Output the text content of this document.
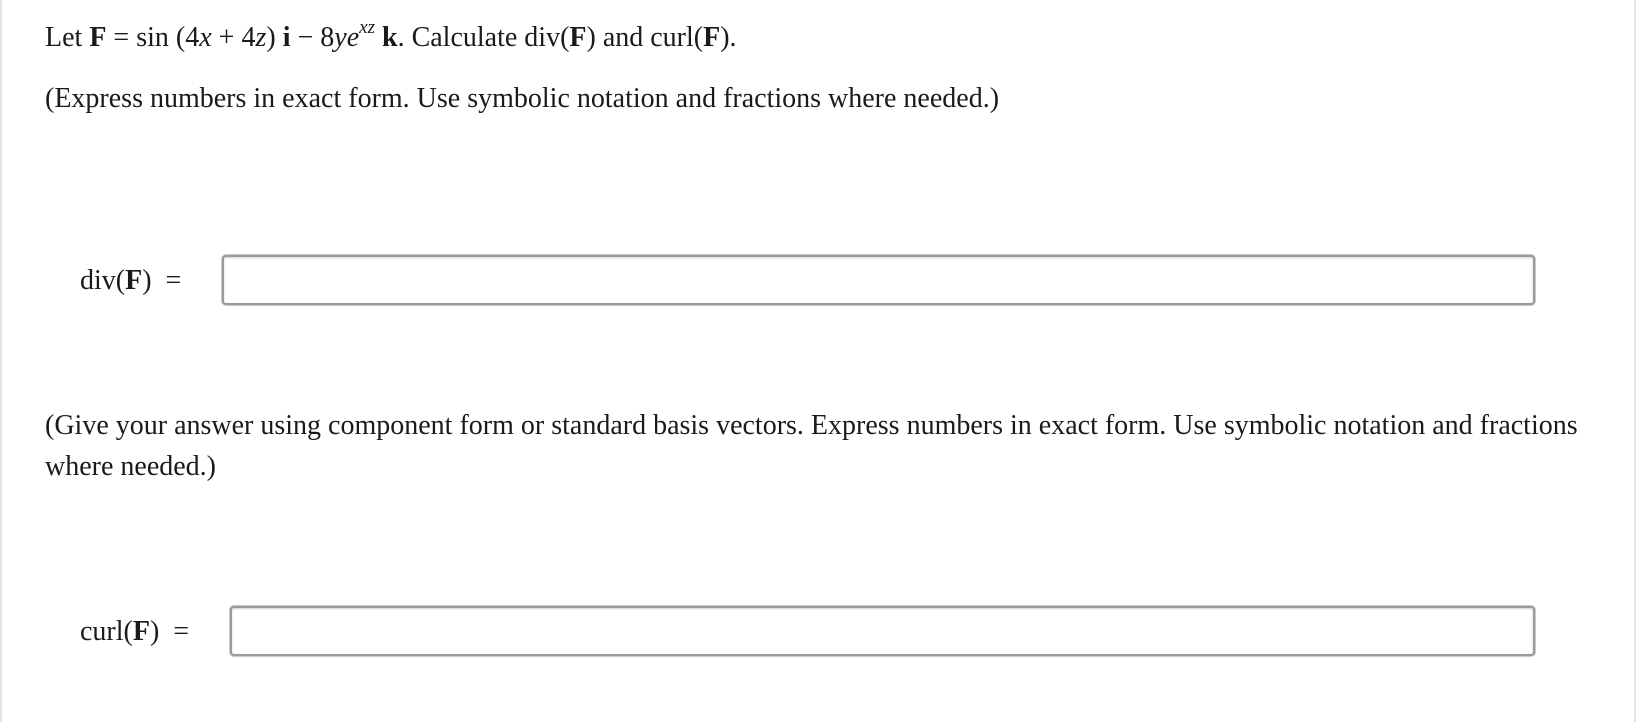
Let F = sin (4x + 4z) $i - 8ye^{xz}$ k. Calculate div(F) and curl(F).
(Express numbers in exact form. Use symbolic notation and fractions where needed.)
div(F) =
(Give your answer using component form or standard basis vectors. Express numbers in exact form. Use symbolic notation and fractions where needed.)
curl(F) =
